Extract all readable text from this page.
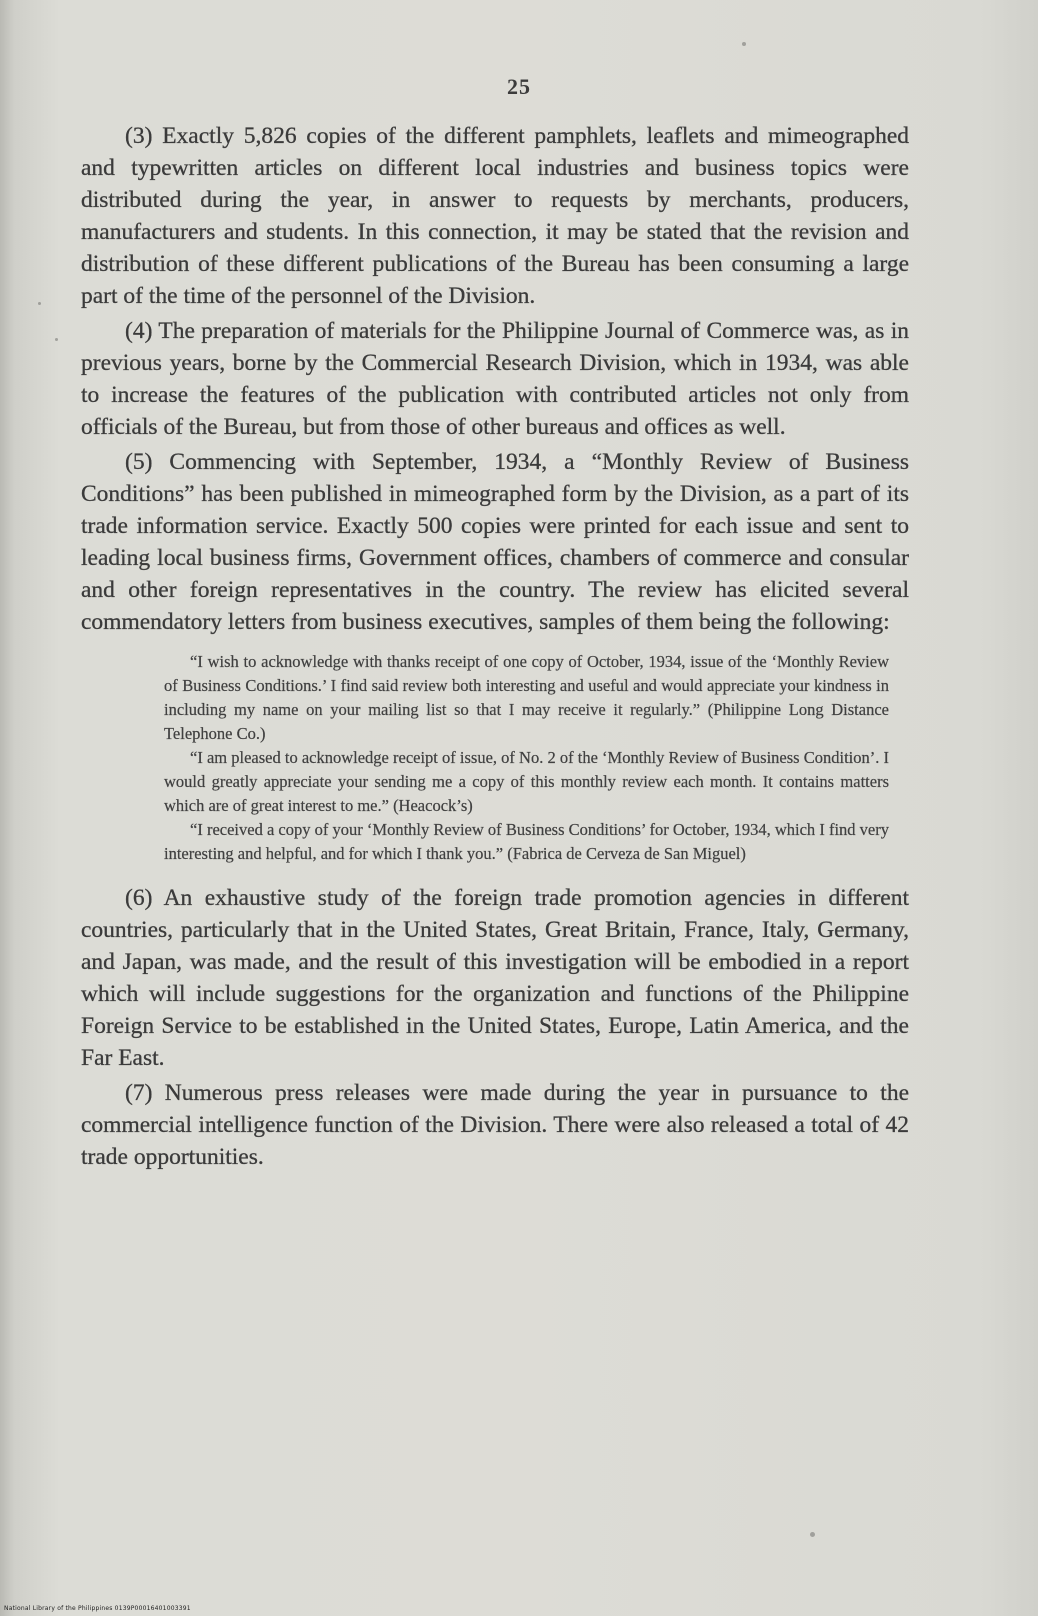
25

(3) Exactly 5,826 copies of the different pamphlets, leaflets and mimeographed and typewritten articles on different local industries and business topics were distributed during the year, in answer to requests by merchants, producers, manufacturers and students. In this connection, it may be stated that the revision and distribution of these different publications of the Bureau has been consuming a large part of the time of the personnel of the Division.

(4) The preparation of materials for the Philippine Journal of Commerce was, as in previous years, borne by the Commercial Research Division, which in 1934, was able to increase the features of the publication with contributed articles not only from officials of the Bureau, but from those of other bureaus and offices as well.

(5) Commencing with September, 1934, a “Monthly Review of Business Conditions” has been published in mimeographed form by the Division, as a part of its trade information service. Exactly 500 copies were printed for each issue and sent to leading local business firms, Government offices, chambers of commerce and consular and other foreign representatives in the country. The review has elicited several commendatory letters from business executives, samples of them being the following:

“I wish to acknowledge with thanks receipt of one copy of October, 1934, issue of the ‘Monthly Review of Business Conditions.’ I find said review both interesting and useful and would appreciate your kindness in including my name on your mailing list so that I may receive it regularly.” (Philippine Long Distance Telephone Co.)

“I am pleased to acknowledge receipt of issue, of No. 2 of the ‘Monthly Review of Business Condition’. I would greatly appreciate your sending me a copy of this monthly review each month. It contains matters which are of great interest to me.” (Heacock’s)

“I received a copy of your ‘Monthly Review of Business Conditions’ for October, 1934, which I find very interesting and helpful, and for which I thank you.” (Fabrica de Cerveza de San Miguel)

(6) An exhaustive study of the foreign trade promotion agencies in different countries, particularly that in the United States, Great Britain, France, Italy, Germany, and Japan, was made, and the result of this investigation will be embodied in a report which will include suggestions for the organization and functions of the Philippine Foreign Service to be established in the United States, Europe, Latin America, and the Far East.

(7) Numerous press releases were made during the year in pursuance to the commercial intelligence function of the Division. There were also released a total of 42 trade opportunities.

National Library of the Philippines 0139P00016401003391
